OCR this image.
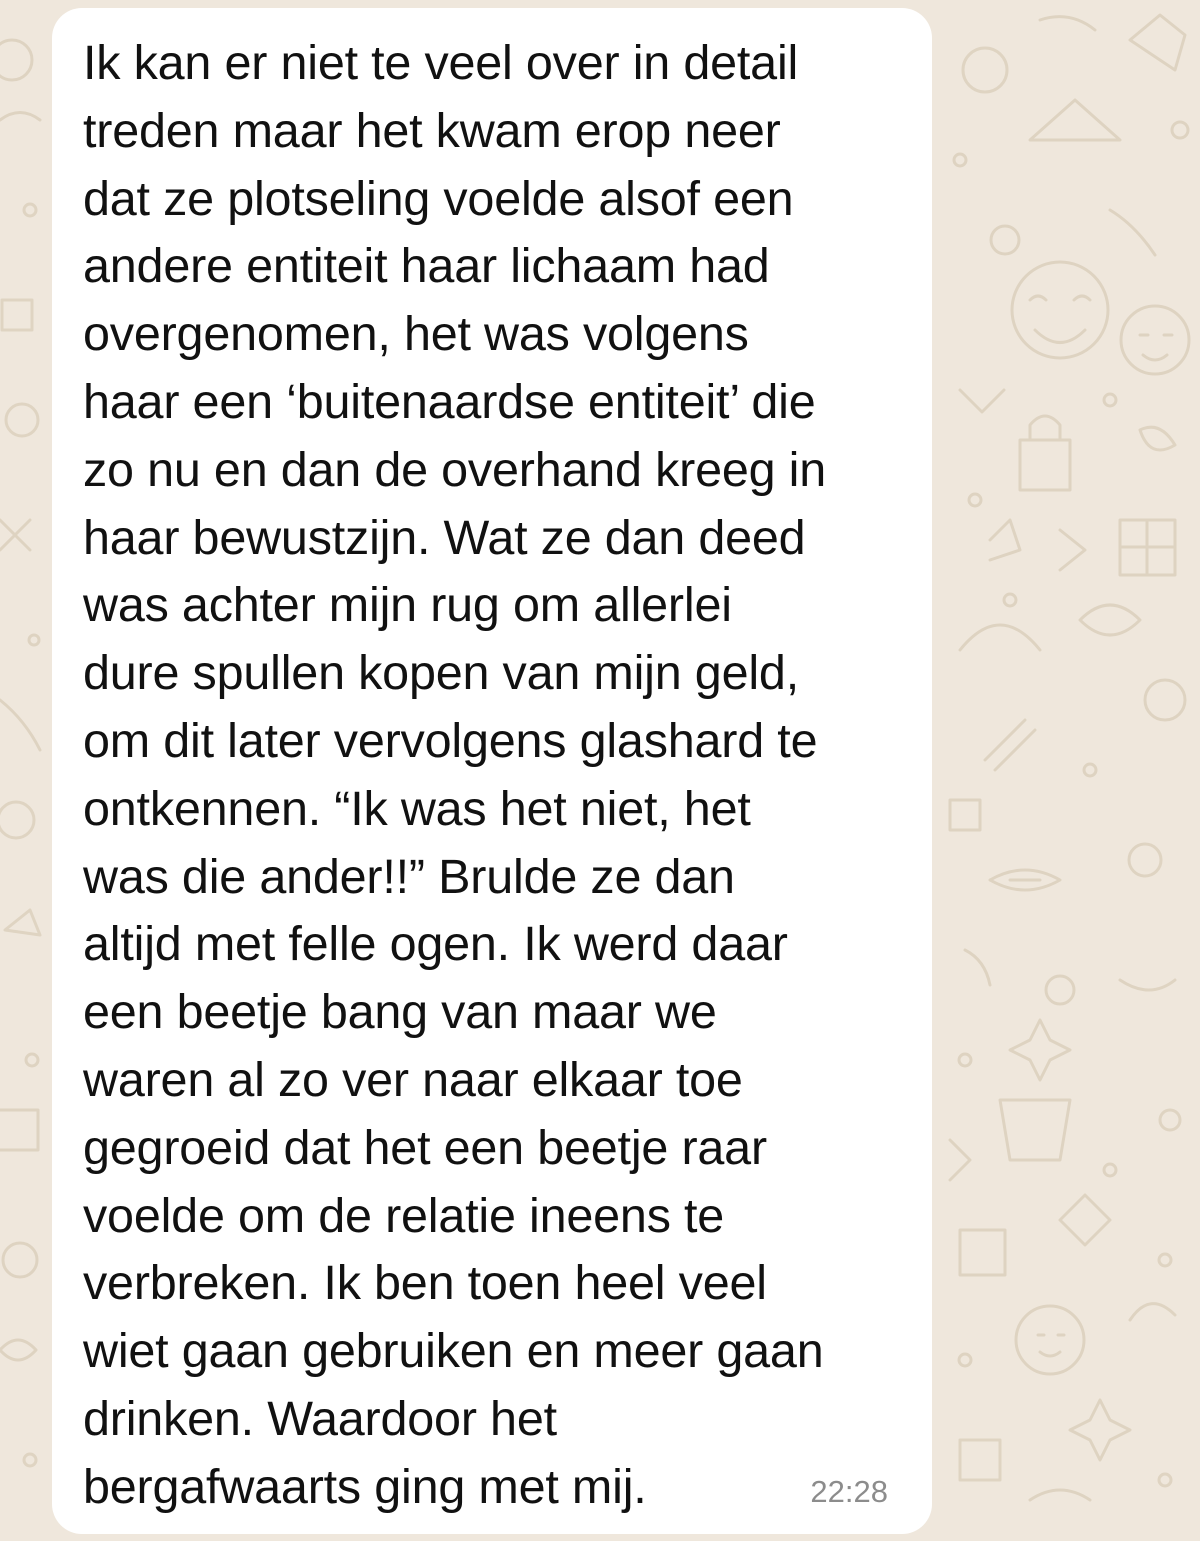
Ik kan er niet te veel over in detail
treden maar het kwam erop neer
dat ze plotseling voelde alsof een
andere entiteit haar lichaam had
overgenomen, het was volgens
haar een ‘buitenaardse entiteit’ die
zo nu en dan de overhand kreeg in
haar bewustzijn. Wat ze dan deed
was achter mijn rug om allerlei
dure spullen kopen van mijn geld,
om dit later vervolgens glashard te
ontkennen. “Ik was het niet, het
was die ander!!” Brulde ze dan
altijd met felle ogen. Ik werd daar
een beetje bang van maar we
waren al zo ver naar elkaar toe
gegroeid dat het een beetje raar
voelde om de relatie ineens te
verbreken. Ik ben toen heel veel
wiet gaan gebruiken en meer gaan
drinken. Waardoor het
bergafwaarts ging met mij.	22:28
